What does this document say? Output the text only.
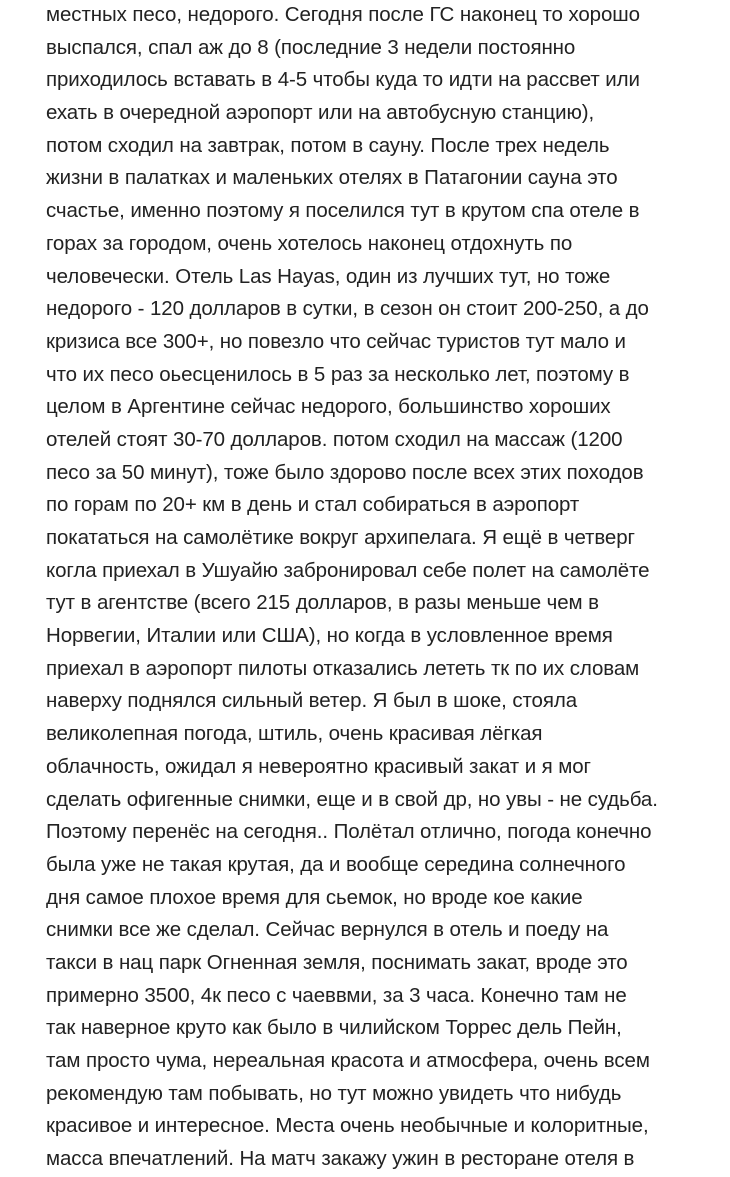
местных песо, недорого. Сегодня после ГС наконец то хорошо
выспался, спал аж до 8 (последние 3 недели постоянно
приходилось вставать в 4-5 чтобы куда то идти на рассвет или
ехать в очередной аэропорт или на автобусную станцию),
потом сходил на завтрак, потом в сауну. После трех недель
жизни в палатках и маленьких отелях в Патагонии сауна это
счастье, именно поэтому я поселился тут в крутом спа отеле в
горах за городом, очень хотелось наконец отдохнуть по
человечески. Отель Las Hayas, один из лучших тут, но тоже
недорого - 120 долларов в сутки, в сезон он стоит 200-250, а до
кризиса все 300+, но повезло что сейчас туристов тут мало и
что их песо оьесценилось в 5 раз за несколько лет, поэтому в
целом в Аргентине сейчас недорого, большинство хороших
отелей стоят 30-70 долларов. потом сходил на массаж (1200
песо за 50 минут), тоже было здорово после всех этих походов
по горам по 20+ км в день и стал собираться в аэропорт
покататься на самолётике вокруг архипелага. Я ещё в четверг
когла приехал в Ушуайю забронировал себе полет на самолёте
тут в агентстве (всего 215 долларов, в разы меньше чем в
Норвегии, Италии или США), но когда в условленное время
приехал в аэропорт пилоты отказались лететь тк по их словам
наверху поднялся сильный ветер. Я был в шоке, стояла
великолепная погода, штиль, очень красивая лёгкая
облачность, ожидал я невероятно красивый закат и я мог
сделать офигенные снимки, еще и в свой др, но увы - не судьба.
Поэтому перенёс на сегодня.. Полётал отлично, погода конечно
была уже не такая крутая, да и вообще середина солнечного
дня самое плохое время для сьемок, но вроде кое какие
снимки все же сделал. Сейчас вернулся в отель и поеду на
такси в нац парк Огненная земля, поснимать закат, вроде это
примерно 3500, 4к песо с чаеввми, за 3 часа. Конечно там не
так наверное круто как было в чилийском Торрес дель Пейн,
там просто чума, нереальная красота и атмосфера, очень всем
рекомендую там побывать, но тут можно увидеть что нибудь
красивое и интересное. Места очень необычные и колоритные,
масса впечатлений. На матч закажу ужин в ресторане отеля в
